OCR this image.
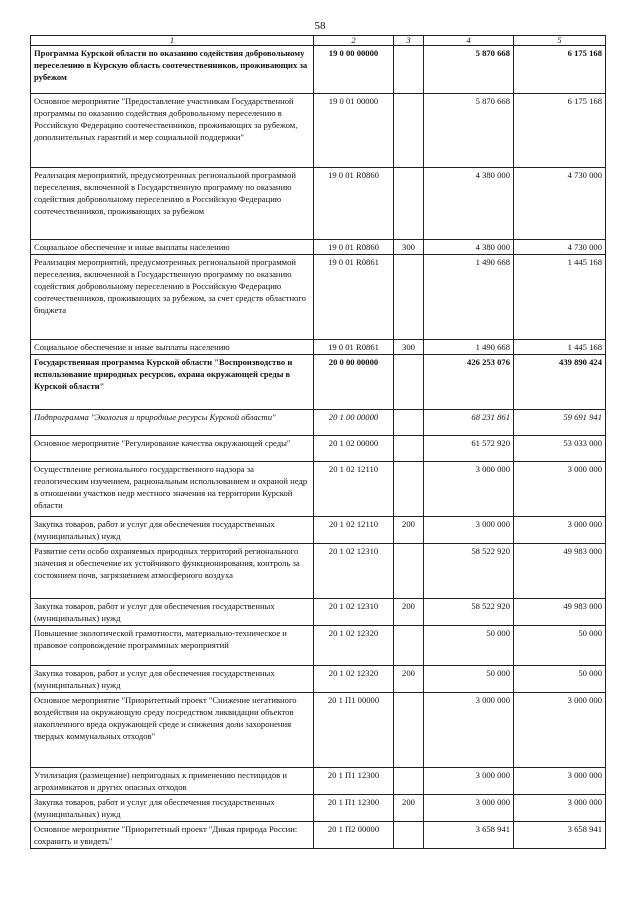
58
1	2	3	4	5
Программа Курской области по оказанию содействия добровольному переселению в Курскую область соотечественников, проживающих за рубежом	19 0 00 00000		5 870 668	6 175 168
Основное мероприятие "Предоставление участникам Государственной программы по оказанию содействия добровольному переселению в Российскую Федерацию соотечественников, проживающих за рубежом, дополнительных гарантий и мер социальной поддержки"	19 0 01 00000		5 870 668	6 175 168
Реализация мероприятий, предусмотренных региональной программой переселения, включенной в Государственную программу по оказанию содействия добровольному переселению в Российскую Федерацию соотечественников, проживающих за рубежом	19 0 01 R0860		4 380 000	4 730 000
Социальное обеспечение и иные выплаты населению	19 0 01 R0860	300	4 380 000	4 730 000
Реализация мероприятий, предусмотренных региональной программой переселения, включенной в Государственную программу по оказанию содействия добровольному переселению в Российскую Федерацию соотечественников, проживающих за рубежом, за счет средств областного бюджета	19 0 01 R0861		1 490 668	1 445 168
Социальное обеспечение и иные выплаты населению	19 0 01 R0861	300	1 490 668	1 445 168
Государственная программа Курской области "Воспроизводство и использование природных ресурсов, охрана окружающей среды в Курской области"	20 0 00 00000		426 253 076	439 890 424
Подпрограмма "Экология и природные ресурсы Курской области"	20 1 00 00000		68 231 861	59 691 941
Основное мероприятие "Регулирование качества окружающей среды"	20 1 02 00000		61 572 920	53 033 000
Осуществление регионального государственного надзора за геологическим изучением, рациональным использованием и охраной недр в отношении участков недр местного значения на территории Курской области	20 1 02 12110		3 000 000	3 000 000
Закупка товаров, работ и услуг для обеспечения государственных (муниципальных) нужд	20 1 02 12110	200	3 000 000	3 000 000
Развитие сети особо охраняемых природных территорий регионального значения и обеспечение их устойчивого функционирования, контроль за состоянием почв, загрязнением атмосферного воздуха	20 1 02 12310		58 522 920	49 983 000
Закупка товаров, работ и услуг для обеспечения государственных (муниципальных) нужд	20 1 02 12310	200	58 522 920	49 983 000
Повышение экологической грамотности, материально-техническое и правовое сопровождение программных мероприятий	20 1 02 12320		50 000	50 000
Закупка товаров, работ и услуг для обеспечения государственных (муниципальных) нужд	20 1 02 12320	200	50 000	50 000
Основное мероприятие "Приоритетный проект "Снижение негативного воздействия на окружающую среду посредством ликвидации объектов накопленного вреда окружающей среде и снижения доли захоронения твердых коммунальных отходов"	20 1 П1 00000		3 000 000	3 000 000
Утилизация (размещение) непригодных к применению пестицидов и агрохимикатов и других опасных отходов	20 1 П1 12300		3 000 000	3 000 000
Закупка товаров, работ и услуг для обеспечения государственных (муниципальных) нужд	20 1 П1 12300	200	3 000 000	3 000 000
Основное мероприятие "Приоритетный проект "Дикая природа России: сохранить и увидеть"	20 1 П2 00000		3 658 941	3 658 941
